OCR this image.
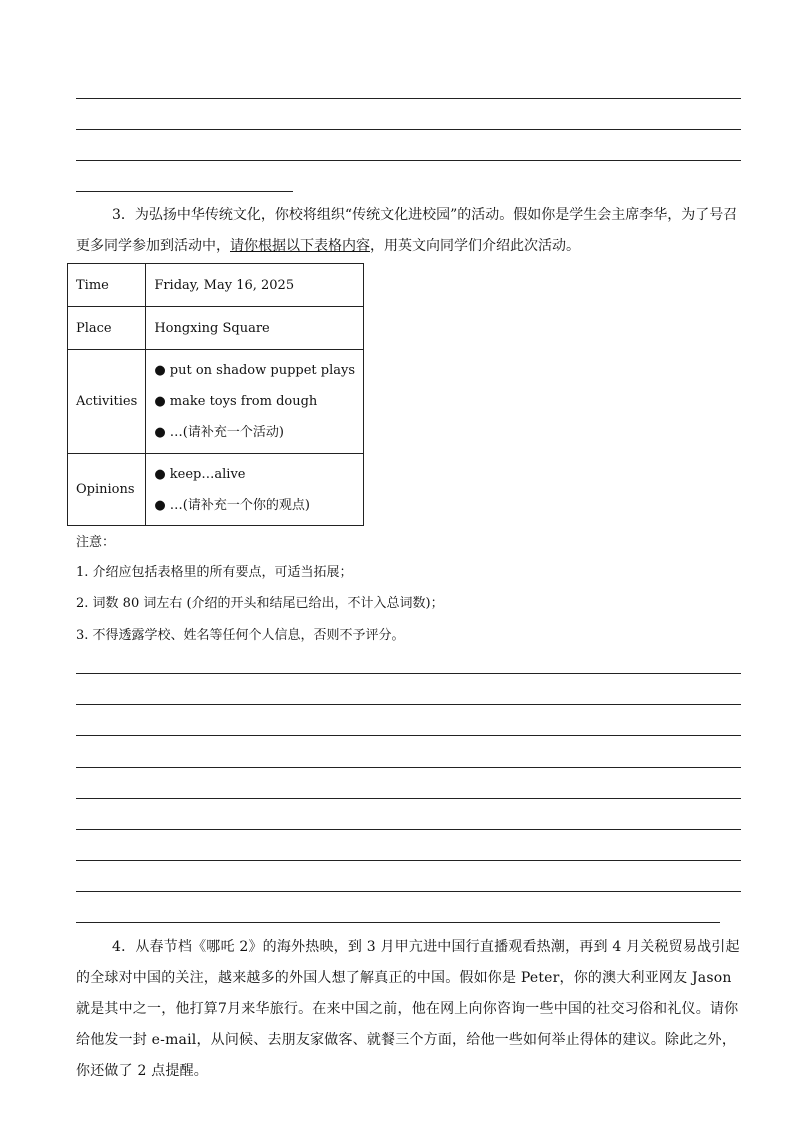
3．为弘扬中华传统文化，你校将组织“传统文化进校园”的活动。假如你是学生会主席李华，为了号召更多同学参加到活动中，请你根据以下表格内容，用英文向同学们介绍此次活动。

Time	Friday, May 16, 2025
Place	Hongxing Square
Activities	● put on shadow puppet plays
● make toys from dough
● …(请补充一个活动)

Opinions	● keep…alive
● …(请补充一个你的观点)
注意：
1. 介绍应包括表格里的所有要点，可适当拓展；
2. 词数 80 词左右 (介绍的开头和结尾已给出，不计入总词数)；
3. 不得透露学校、姓名等任何个人信息，否则不予评分。

4．从春节档《哪吒 2》的海外热映，到 3 月甲亢进中国行直播观看热潮，再到 4 月关税贸易战引起的全球对中国的关注，越来越多的外国人想了解真正的中国。假如你是 Peter，你的澳大利亚网友 Jason 就是其中之一，他打算7月来华旅行。在来中国之前，他在网上向你咨询一些中国的社交习俗和礼仪。请你给他发一封 e-mail，从问候、去朋友家做客、就餐三个方面，给他一些如何举止得体的建议。除此之外，你还做了 2 点提醒。
